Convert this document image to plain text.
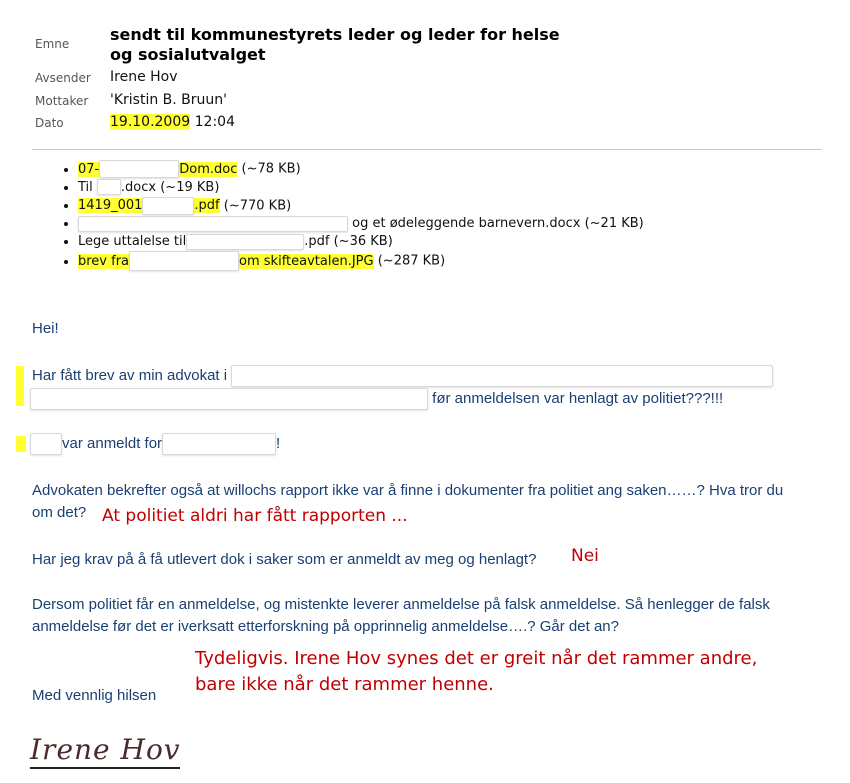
Emne	sendt til kommunestyrets leder og leder for helse og sosialutvalget
Avsender Irene Hov
Mottaker 'Kristin B. Bruun'
Dato	19.10.2009 12:04
• 07-	Dom.doc (~78 KB)
• Til .docx (~19 KB)
• 1419_001	.pdf (~770 KB)
•  og et ødeleggende barnevern.docx (~21 KB)
• Lege uttalelse til	.pdf (~36 KB)
• brev fra	om skifteavtalen.JPG (~287 KB)
Hei!
Har fått brev av min advokat i
før anmeldelsen var henlagt av politiet???!!!
var anmeldt for	!
Advokaten bekrefter også at willochs rapport ikke var å finne i dokumenter fra politiet ang saken……? Hva tror du
om det? At politiet aldri har fått rapporten ...
Har jeg krav på å få utlevert dok i saker som er anmeldt av meg og henlagt? Nei
Dersom politiet får en anmeldelse, og mistenkte leverer anmeldelse på falsk anmeldelse. Så henlegger de falsk
anmeldelse før det er iverksatt etterforskning på opprinnelig anmeldelse….? Går det an?
Tydeligvis. Irene Hov synes det er greit når det rammer andre,
bare ikke når det rammer henne.
Med vennlig hilsen
Irene Hov
